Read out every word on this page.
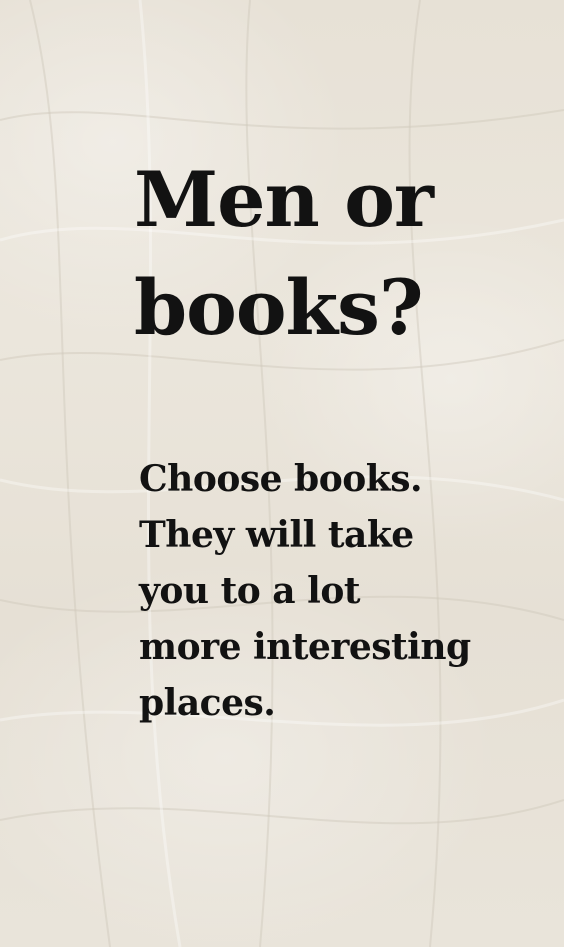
Men or
books?

Choose books.
They will take
you to a lot
more interesting
places.
